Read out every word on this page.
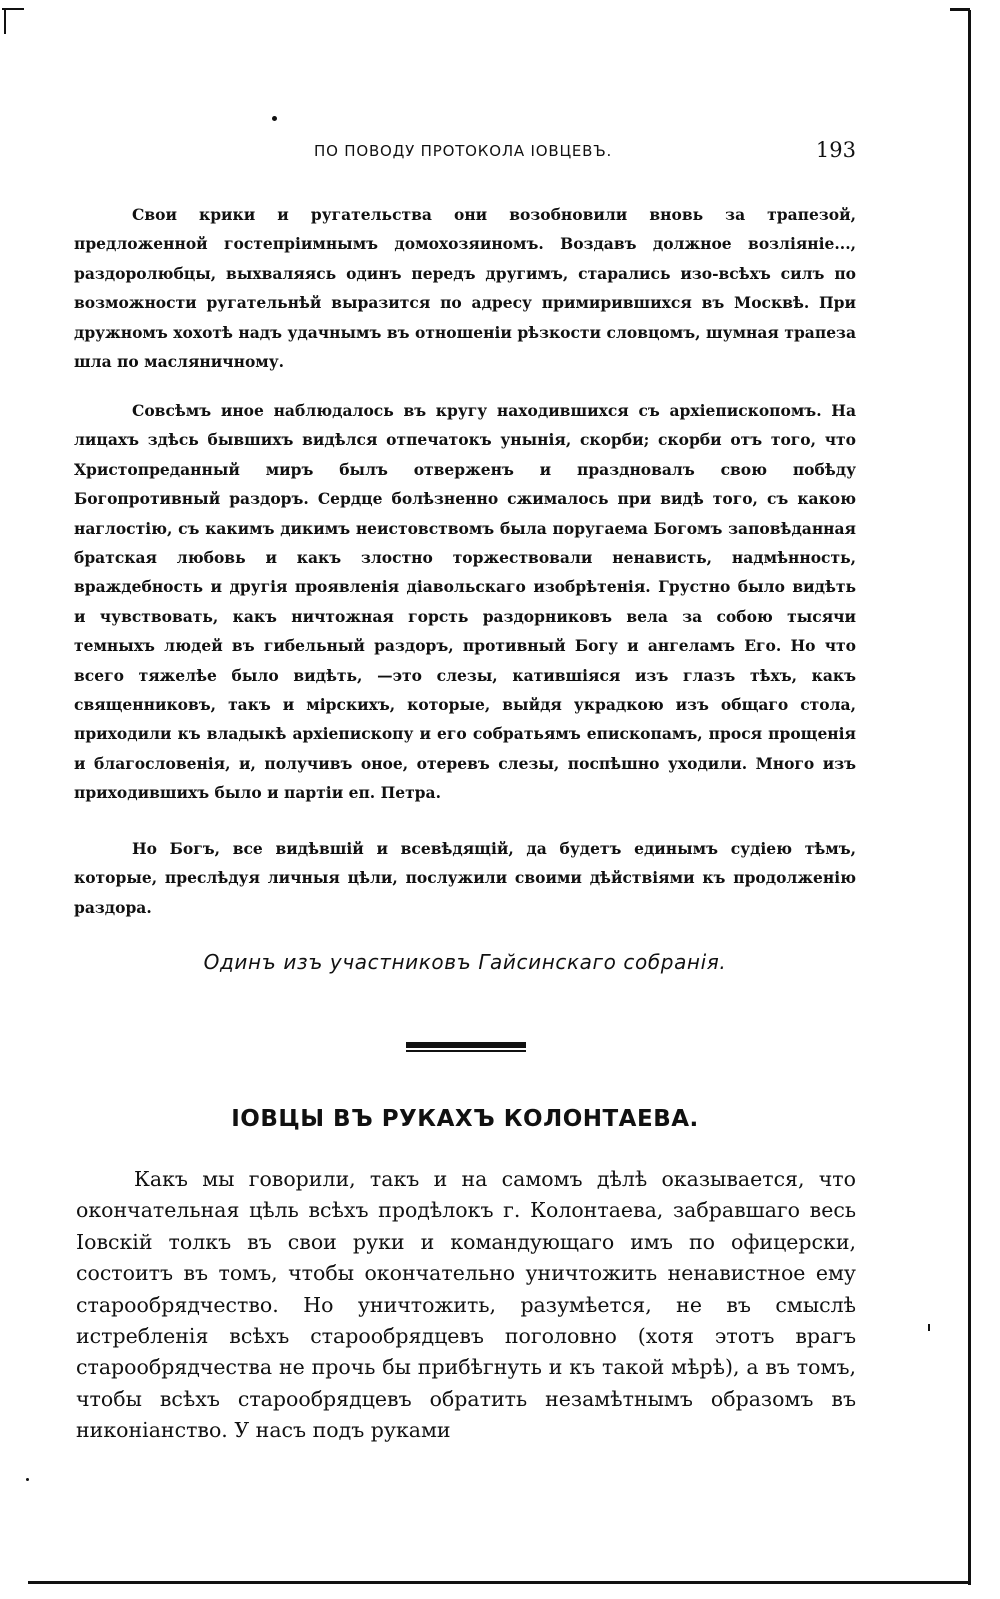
ПО ПОВОДУ ПРОТОКОЛА IОВЦЕВЪ.	193

Свои крики и ругательства они возобновили вновь за трапезой, предложенной гостепрiимнымъ домохозяиномъ. Воздавъ должное возлiянiе..., раздоролюбцы, выхваляясь одинъ передъ другимъ, старались изо-всѣхъ силъ по возможности ругательнѣй выразится по адресу примирившихся въ Москвѣ. При дружномъ хохотѣ надъ удачнымъ въ отношенiи рѣзкости словцомъ, шумная трапеза шла по масляничному.

Совсѣмъ иное наблюдалось въ кругу находившихся съ архiепископомъ. На лицахъ здѣсь бывшихъ видѣлся отпечатокъ унынiя, скорби; скорби отъ того, что Христопреданный миръ былъ отверженъ и праздновалъ свою побѣду Богопротивный раздоръ. Сердце болѣзненно сжималось при видѣ того, съ какою наглостiю, съ какимъ дикимъ неистовствомъ была поругаема Богомъ заповѣданная братская любовь и какъ злостно торжествовали ненависть, надмѣнность, враждебность и другiя проявленiя дiавольскаго изобрѣтенiя. Грустно было видѣть и чувствовать, какъ ничтожная горсть раздорниковъ вела за собою тысячи темныхъ людей въ гибельный раздоръ, противный Богу и ангеламъ Его. Но что всего тяжелѣе было видѣть, —это слезы, катившiяся изъ глазъ тѣхъ, какъ священниковъ, такъ и мiрскихъ, которые, выйдя украдкою изъ общаго стола, приходили къ владыкѣ архiепископу и его собратьямъ епископамъ, прося прощенiя и благословенiя, и, получивъ оное, отеревъ слезы, поспѣшно уходили. Много изъ приходившихъ было и партiи еп. Петра.

Но Богъ, все видѣвшiй и всевѣдящiй, да будетъ единымъ судiею тѣмъ, которые, преслѣдуя личныя цѣли, послужили своими дѣйствiями къ продолженiю раздора.

Одинъ изъ участниковъ Гайсинскаго собранiя.
IОВЦЫ ВЪ РУКАХЪ КОЛОНТАЕВА.

Какъ мы говорили, такъ и на самомъ дѣлѣ оказывается, что окончательная цѣль всѣхъ продѣлокъ г. Колонтаева, забравшаго весь Iовскiй толкъ въ свои руки и командующаго имъ по офицерски, состоитъ въ томъ, чтобы окончательно уничтожить ненавистное ему старообрядчество. Но уничтожить, разумѣется, не въ смыслѣ истребленiя всѣхъ старообрядцевъ поголовно (хотя этотъ врагъ старообрядчества не прочь бы прибѣгнуть и къ такой мѣрѣ), а въ томъ, чтобы всѣхъ старообрядцевъ обратить незамѣтнымъ образомъ въ никонiанство. У насъ подъ руками
